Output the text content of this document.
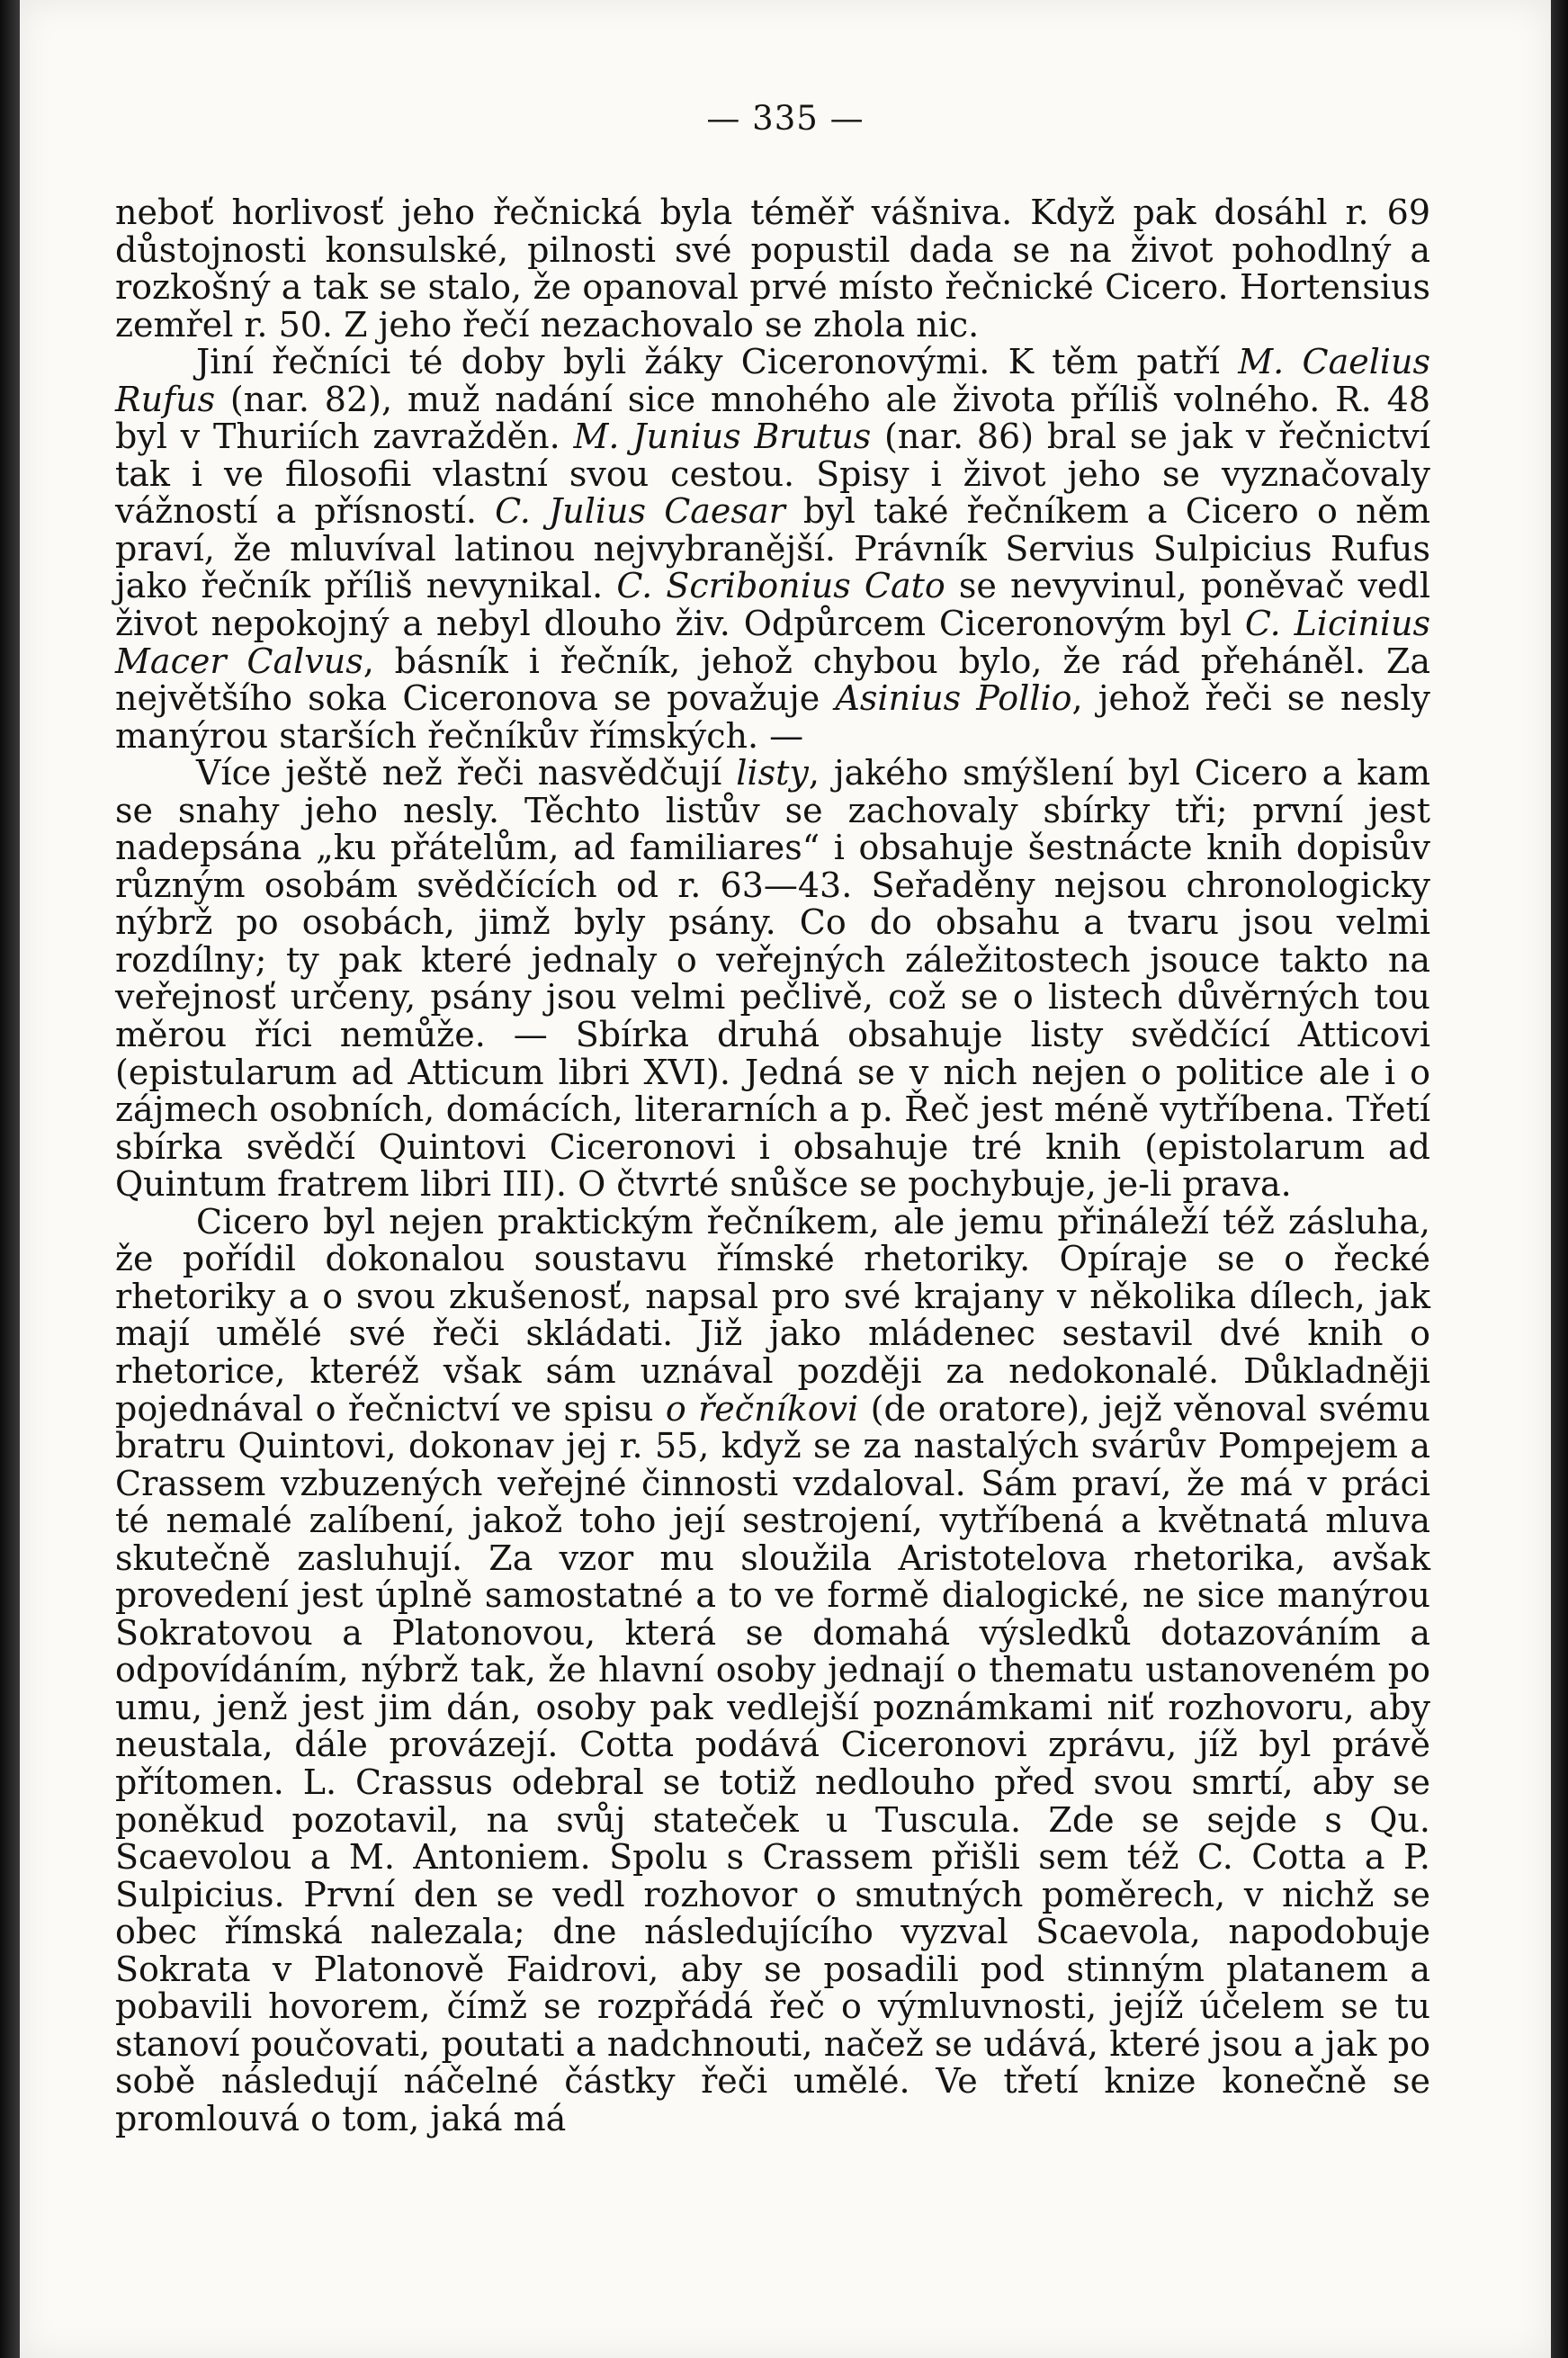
— 335 —

neboť horlivosť jeho řečnická byla téměř vášniva. Když pak dosáhl r. 69 důstojnosti konsulské, pilnosti své popustil dada se na život pohodlný a rozkošný a tak se stalo, že opanoval prvé místo řečnické Cicero. Hortensius zemřel r. 50. Z jeho řečí nezachovalo se zhola nic.

Jiní řečníci té doby byli žáky Ciceronovými. K těm patří M. Caelius Rufus (nar. 82), muž nadání sice mnohého ale života příliš volného. R. 48 byl v Thuriích zavražděn. M. Junius Brutus (nar. 86) bral se jak v řečnictví tak i ve filosofii vlastní svou cestou. Spisy i život jeho se vyznačovaly vážností a přísností. C. Julius Caesar byl také řečníkem a Cicero o něm praví, že mluvíval latinou nejvybranější. Právník Servius Sulpicius Rufus jako řečník příliš nevynikal. C. Scribonius Cato se nevyvinul, poněvač vedl život nepokojný a nebyl dlouho živ. Odpůrcem Ciceronovým byl C. Licinius Macer Calvus, básník i řečník, jehož chybou bylo, že rád přeháněl. Za největšího soka Ciceronova se považuje Asinius Pollio, jehož řeči se nesly manýrou starších řečníkův římských. —

Více ještě než řeči nasvědčují listy, jakého smýšlení byl Cicero a kam se snahy jeho nesly. Těchto listův se zachovaly sbírky tři; první jest nadepsána „ku přátelům, ad familiares“ i obsahuje šestnácte knih dopisův různým osobám svědčících od r. 63—43. Seřaděny nejsou chronologicky nýbrž po osobách, jimž byly psány. Co do obsahu a tvaru jsou velmi rozdílny; ty pak které jednaly o veřejných záležitostech jsouce takto na veřejnosť určeny, psány jsou velmi pečlivě, což se o listech důvěrných tou měrou říci nemůže. — Sbírka druhá obsahuje listy svědčící Atticovi (epistularum ad Atticum libri XVI). Jedná se v nich nejen o politice ale i o zájmech osobních, domácích, literarních a p. Řeč jest méně vytříbena. Třetí sbírka svědčí Quintovi Ciceronovi i obsahuje tré knih (epistolarum ad Quintum fratrem libri III). O čtvrté snůšce se pochybuje, je-li prava.

Cicero byl nejen praktickým řečníkem, ale jemu přináleží též zásluha, že pořídil dokonalou soustavu římské rhetoriky. Opíraje se o řecké rhetoriky a o svou zkušenosť, napsal pro své krajany v několika dílech, jak mají umělé své řeči skládati. Již jako mládenec sestavil dvé knih o rhetorice, kteréž však sám uznával později za nedokonalé. Důkladněji pojednával o řečnictví ve spisu o řečníkovi (de oratore), jejž věnoval svému bratru Quintovi, dokonav jej r. 55, když se za nastalých svárův Pompejem a Crassem vzbuzených veřejné činnosti vzdaloval. Sám praví, že má v práci té nemalé zalíbení, jakož toho její sestrojení, vytříbená a květnatá mluva skutečně zasluhují. Za vzor mu sloužila Aristotelova rhetorika, avšak provedení jest úplně samostatné a to ve formě dialogické, ne sice manýrou Sokratovou a Platonovou, která se domahá výsledků dotazováním a odpovídáním, nýbrž tak, že hlavní osoby jednají o thematu ustanoveném po umu, jenž jest jim dán, osoby pak vedlejší poznámkami niť rozhovoru, aby neustala, dále provázejí. Cotta podává Ciceronovi zprávu, jíž byl právě přítomen. L. Crassus odebral se totiž nedlouho před svou smrtí, aby se poněkud pozotavil, na svůj statеček u Tuscula. Zde se sejde s Qu. Scaevolou a M. Antoniem. Spolu s Crassem přišli sem též C. Cotta a P. Sulpicius. První den se vedl rozhovor o smutných poměrech, v nichž se obec římská nalezala; dne následujícího vyzval Scaevola, napodobuje Sokrata v Platonově Faidrovi, aby se posadili pod stinným platanem a pobavili hovorem, čímž se rozpřádá řeč o výmluvnosti, jejíž účelem se tu stanoví poučovati, poutati a nadchnouti, načež se udává, které jsou a jak po sobě následují náčelné částky řeči umělé. Ve třetí knize konečně se promlouvá o tom, jaká má
